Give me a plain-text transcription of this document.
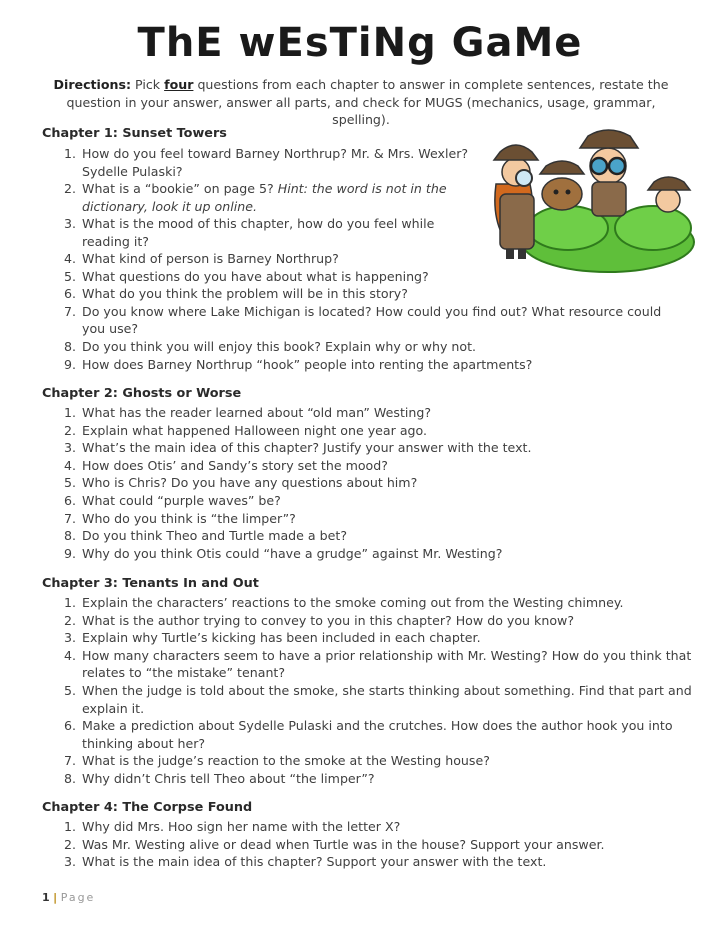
ThE wEsTiNg GaMe
Directions: Pick four questions from each chapter to answer in complete sentences, restate the question in your answer, answer all parts, and check for MUGS (mechanics, usage, grammar, spelling).
Chapter 1: Sunset Towers
1. How do you feel toward Barney Northrup? Mr. & Mrs. Wexler? Sydelle Pulaski?
2. What is a “bookie” on page 5? Hint: the word is not in the dictionary, look it up online.
3. What is the mood of this chapter, how do you feel while reading it?
4. What kind of person is Barney Northrup?
5. What questions do you have about what is happening?
6. What do you think the problem will be in this story?
7. Do you know where Lake Michigan is located? How could you find out? What resource could you use?
8. Do you think you will enjoy this book? Explain why or why not.
9. How does Barney Northrup “hook” people into renting the apartments?
Chapter 2: Ghosts or Worse
1. What has the reader learned about “old man” Westing?
2. Explain what happened Halloween night one year ago.
3. What’s the main idea of this chapter? Justify your answer with the text.
4. How does Otis’ and Sandy’s story set the mood?
5. Who is Chris? Do you have any questions about him?
6. What could “purple waves” be?
7. Who do you think is “the limper”?
8. Do you think Theo and Turtle made a bet?
9. Why do you think Otis could “have a grudge” against Mr. Westing?
Chapter 3: Tenants In and Out
1. Explain the characters’ reactions to the smoke coming out from the Westing chimney.
2. What is the author trying to convey to you in this chapter? How do you know?
3. Explain why Turtle’s kicking has been included in each chapter.
4. How many characters seem to have a prior relationship with Mr. Westing? How do you think that relates to “the mistake” tenant?
5. When the judge is told about the smoke, she starts thinking about something. Find that part and explain it.
6. Make a prediction about Sydelle Pulaski and the crutches. How does the author hook you into thinking about her?
7. What is the judge’s reaction to the smoke at the Westing house?
8. Why didn’t Chris tell Theo about “the limper”?
Chapter 4: The Corpse Found
1. Why did Mrs. Hoo sign her name with the letter X?
2. Was Mr. Westing alive or dead when Turtle was in the house? Support your answer.
3. What is the main idea of this chapter? Support your answer with the text.
1 | Page
